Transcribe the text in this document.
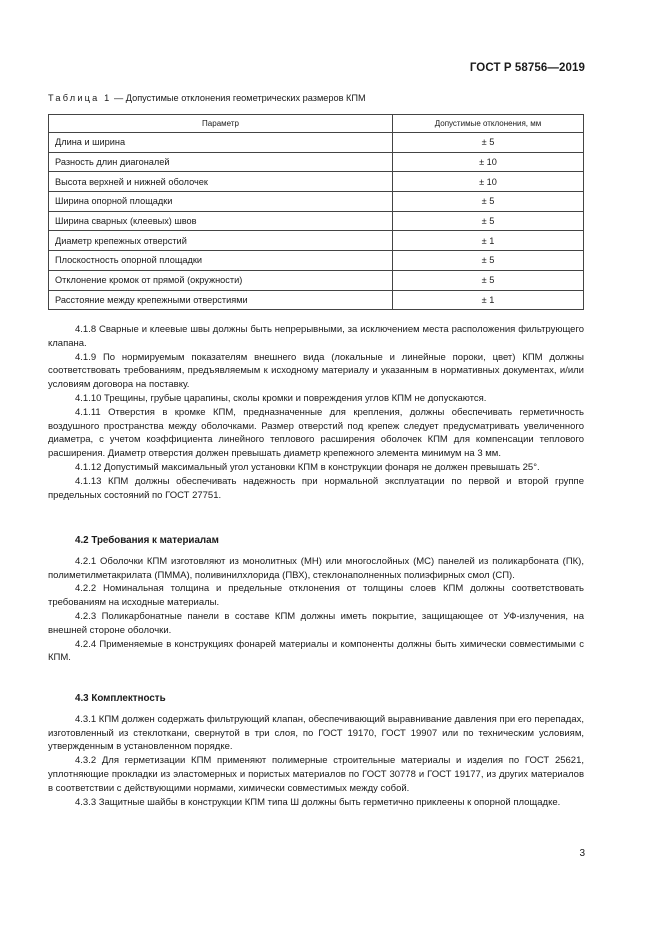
ГОСТ Р 58756—2019
Таблица 1 — Допустимые отклонения геометрических размеров КПМ
Параметр	Допустимые отклонения, мм
Длина и ширина	± 5
Разность длин диагоналей	± 10
Высота верхней и нижней оболочек	± 10
Ширина опорной площадки	± 5
Ширина сварных (клеевых) швов	± 5
Диаметр крепежных отверстий	± 1
Плоскостность опорной площадки	± 5
Отклонение кромок от прямой (окружности)	± 5
Расстояние между крепежными отверстиями	± 1

4.1.8 Сварные и клеевые швы должны быть непрерывными, за исключением места расположения фильтрующего клапана.

4.1.9 По нормируемым показателям внешнего вида (локальные и линейные пороки, цвет) КПМ должны соответствовать требованиям, предъявляемым к исходному материалу и указанным в нормативных документах, и/или условиям договора на поставку.

4.1.10 Трещины, грубые царапины, сколы кромки и повреждения углов КПМ не допускаются.

4.1.11 Отверстия в кромке КПМ, предназначенные для крепления, должны обеспечивать герметичность воздушного пространства между оболочками. Размер отверстий под крепеж следует предусматривать увеличенного диаметра, с учетом коэффициента линейного теплового расширения оболочек КПМ для компенсации теплового расширения. Диаметр отверстия должен превышать диаметр крепежного элемента минимум на 3 мм.

4.1.12 Допустимый максимальный угол установки КПМ в конструкции фонаря не должен превышать 25°.

4.1.13 КПМ должны обеспечивать надежность при нормальной эксплуатации по первой и второй группе предельных состояний по ГОСТ 27751.

4.2 Требования к материалам

4.2.1 Оболочки КПМ изготовляют из монолитных (МН) или многослойных (МС) панелей из поликарбоната (ПК), полиметилметакрилата (ПММА), поливинилхлорида (ПВХ), стеклонаполненных полиэфирных смол (СП).

4.2.2 Номинальная толщина и предельные отклонения от толщины слоев КПМ должны соответствовать требованиям на исходные материалы.

4.2.3 Поликарбонатные панели в составе КПМ должны иметь покрытие, защищающее от УФ-излучения, на внешней стороне оболочки.

4.2.4 Применяемые в конструкциях фонарей материалы и компоненты должны быть химически совместимыми с КПМ.

4.3 Комплектность

4.3.1 КПМ должен содержать фильтрующий клапан, обеспечивающий выравнивание давления при его перепадах, изготовленный из стеклоткани, свернутой в три слоя, по ГОСТ 19170, ГОСТ 19907 или по техническим условиям, утвержденным в установленном порядке.

4.3.2 Для герметизации КПМ применяют полимерные строительные материалы и изделия по ГОСТ 25621, уплотняющие прокладки из эластомерных и пористых материалов по ГОСТ 30778 и ГОСТ 19177, из других материалов в соответствии с действующими нормами, химически совместимых между собой.

4.3.3 Защитные шайбы в конструкции КПМ типа Ш должны быть герметично приклеены к опорной площадке.

3
